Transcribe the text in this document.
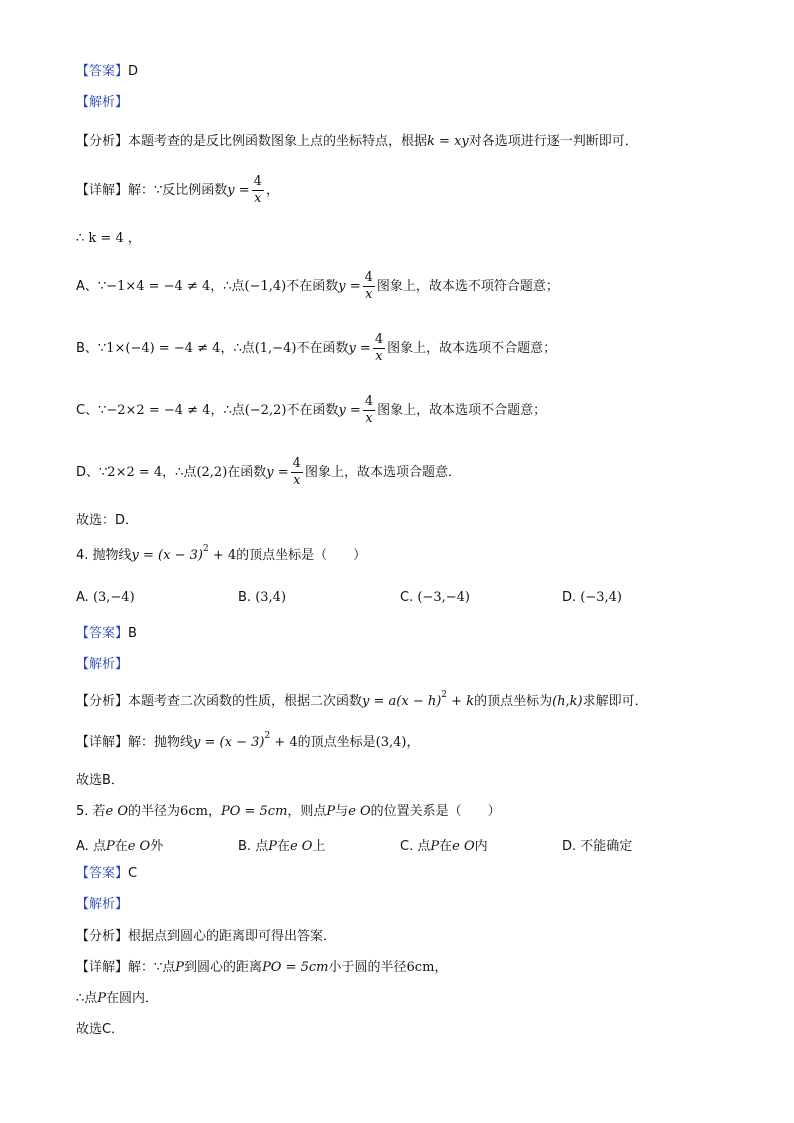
【答案】D
【解析】
【分析】本题考查的是反比例函数图象上点的坐标特点，根据k = xy对各选项进行逐一判断即可．
【详解】解：∵反比例函数$y = \frac{4}{x}$ ，
∴ k = 4 ，
A、∵−1×4 = −4 ≠ 4，∴点(−1,4)不在函数$y = \frac{4}{x}$ 图象上，故本选不项符合题意；
B、∵1×(−4) = −4 ≠ 4，∴点(1,−4)不在函数$y = \frac{4}{x}$ 图象上，故本选项不合题意；
C、∵−2×2 = −4 ≠ 4，∴点(−2,2)不在函数$y = \frac{4}{x}$ 图象上，故本选项不合题意；
D、∵2×2 = 4，∴点(2,2)在函数$y = \frac{4}{x}$ 图象上，故本选项合题意．
故选：D．
4. 抛物线$y = (x - 3)^2 + 4$的顶点坐标是（　　）
A. (3,−4)	B. (3,4)	C. (−3,−4)	D. (−3,4)
【答案】B
【解析】
【分析】本题考查二次函数的性质，根据二次函数$y = a(x - h)^2 + k$的顶点坐标为(h,k)求解即可．
【详解】解：抛物线$y = (x - 3)^2 + 4$的顶点坐标是(3,4)，
故选B．
5. 若e O的半径为6cm，PO = 5cm，则点P与e O的位置关系是（　　）
A. 点P在e O外	B. 点P在e O上	C. 点P在e O内	D. 不能确定
【答案】C
【解析】
【分析】根据点到圆心的距离即可得出答案．
【详解】解：∵点P到圆心的距离PO = 5cm小于圆的半径6cm，
∴点P在圆内．
故选C．
